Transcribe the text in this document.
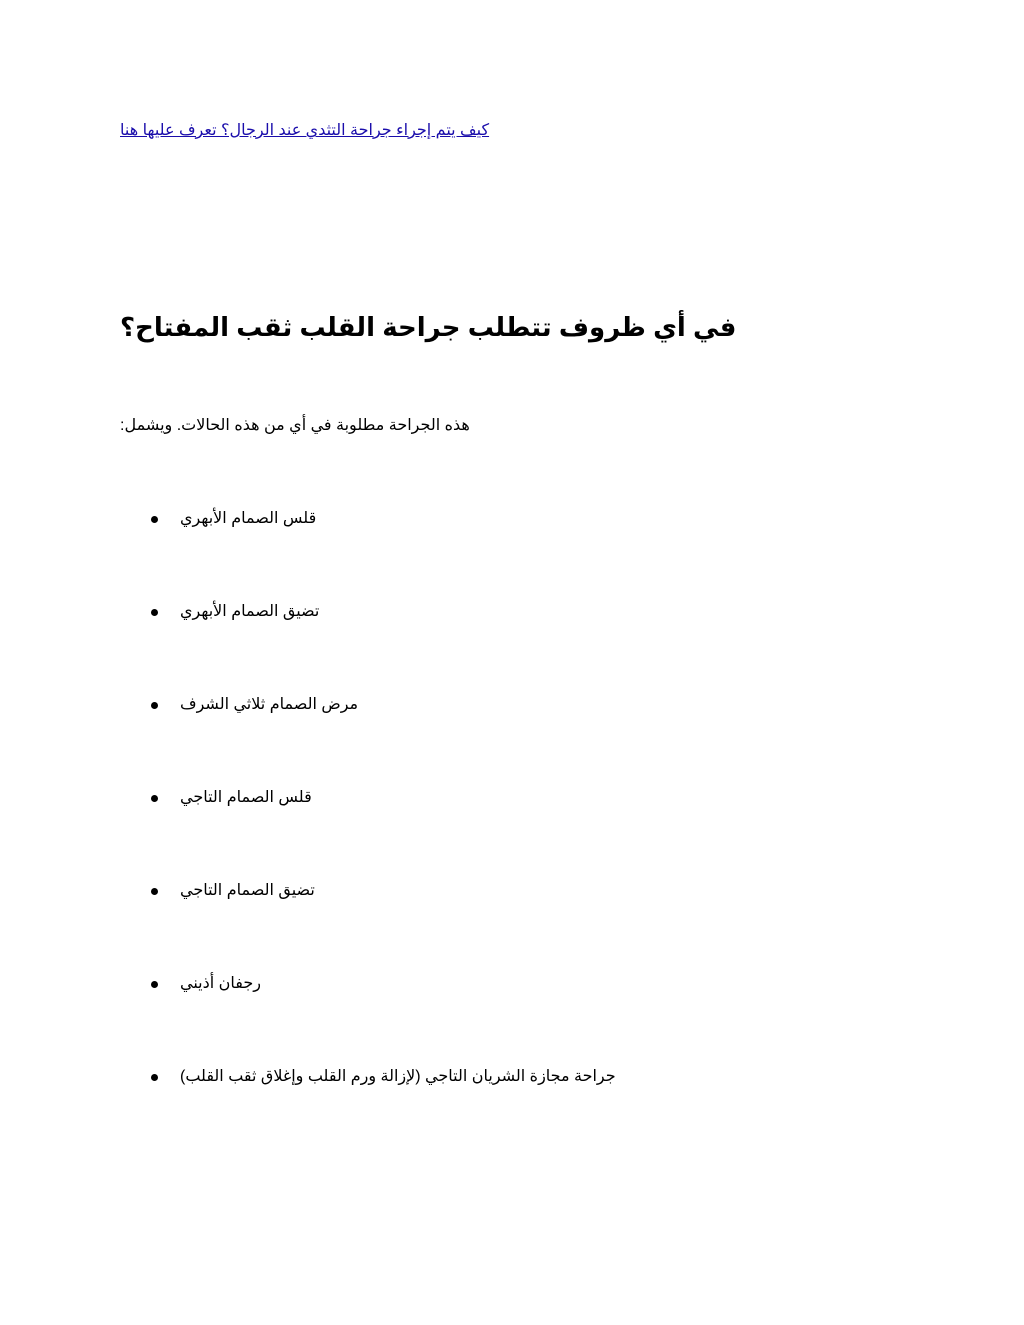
كيف يتم إجراء جراحة التثدي عند الرجال؟ تعرف عليها هنا
في أي ظروف تتطلب جراحة القلب ثقب المفتاح؟

هذه الجراحة مطلوبة في أي من هذه الحالات. ويشمل:

قلس الصمام الأبهري
تضيق الصمام الأبهري
مرض الصمام ثلاثي الشرف
قلس الصمام التاجي
تضيق الصمام التاجي
رجفان أذيني
جراحة مجازة الشريان التاجي (لإزالة ورم القلب وإغلاق ثقب القلب)
